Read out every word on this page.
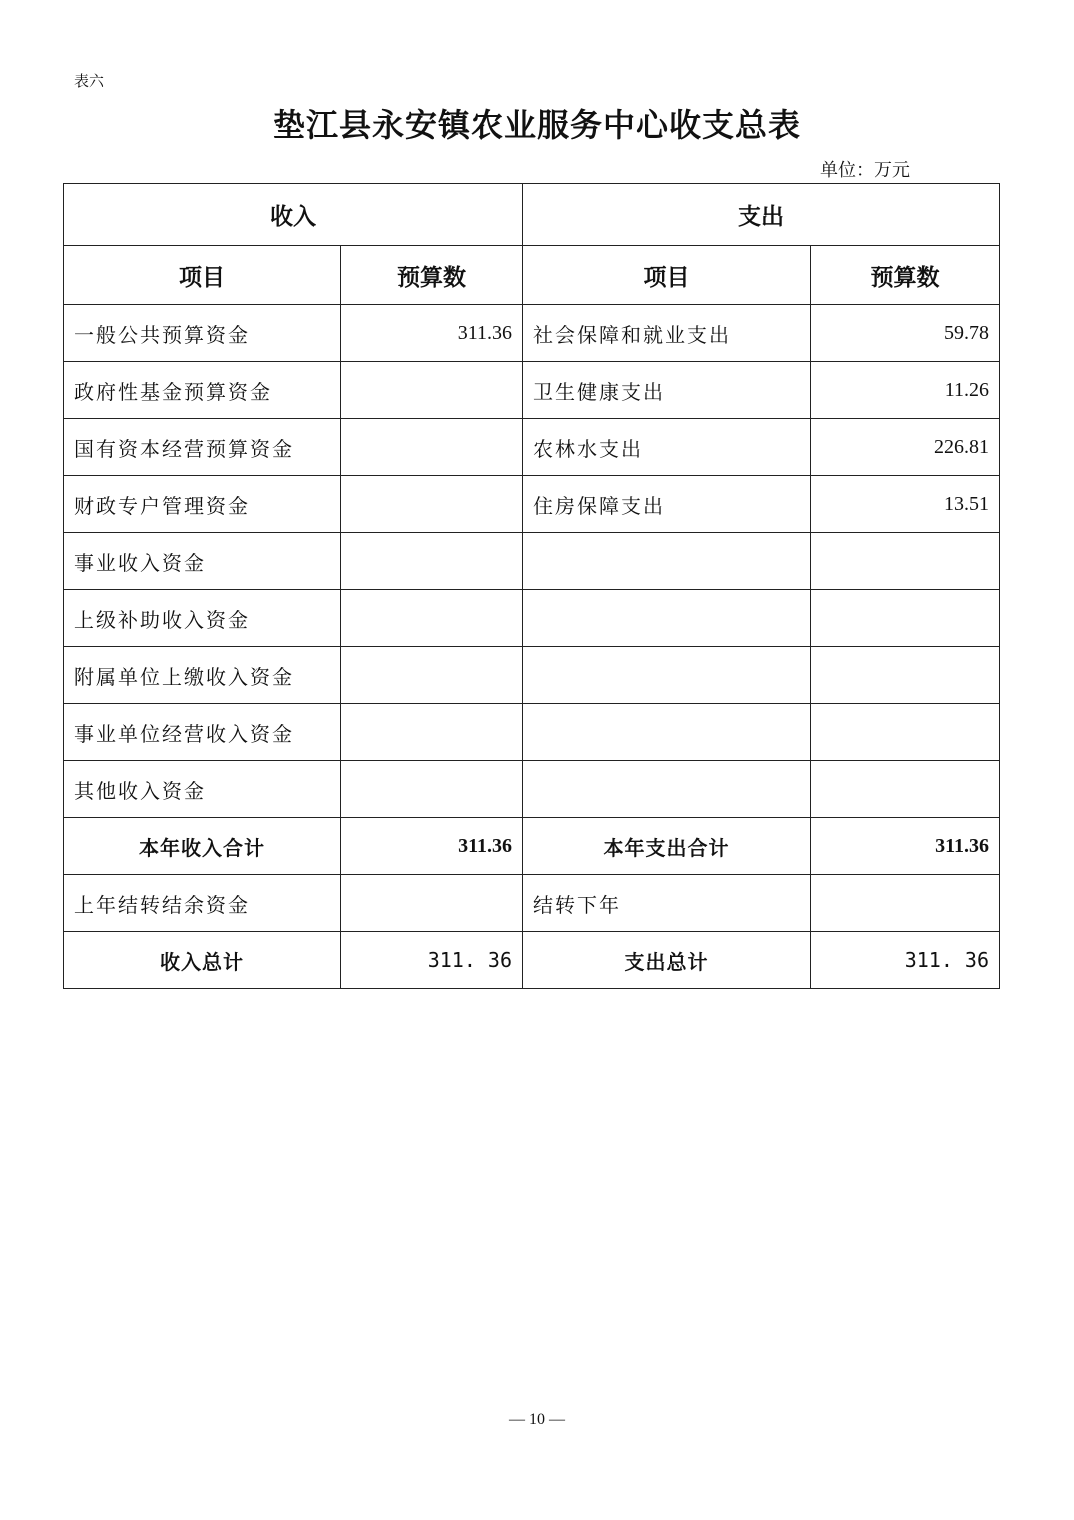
表六
垫江县永安镇农业服务中心收支总表
单位：万元
收入		支出	
项目	预算数	项目	预算数
一般公共预算资金	311.36	社会保障和就业支出	59.78
政府性基金预算资金		卫生健康支出	11.26
国有资本经营预算资金		农林水支出	226.81
财政专户管理资金		住房保障支出	13.51
事业收入资金			
上级补助收入资金			
附属单位上缴收入资金			
事业单位经营收入资金			
其他收入资金			
本年收入合计	311.36	本年支出合计	311.36
上年结转结余资金		结转下年	
收入总计	311. 36	支出总计	311. 36
— 10 —
